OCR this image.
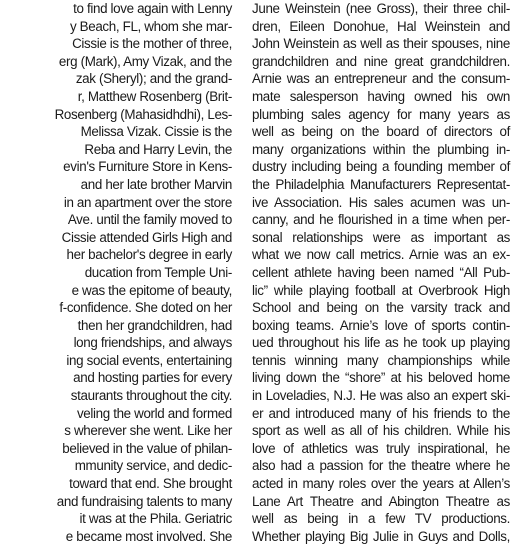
to find love again with Lenny
y Beach, FL, whom she mar-
Cissie is the mother of three,
erg (Mark), Amy Vizak, and the
zak (Sheryl); and the grand-
r, Matthew Rosenberg (Brit-
Rosenberg (Mahasidhdhi), Les-
Melissa Vizak. Cissie is the
Reba and Harry Levin, the
evin's Furniture Store in Kens-
and her late brother Marvin
in an apartment over the store
Ave. until the family moved to
Cissie attended Girls High and
her bachelor's degree in early
ducation from Temple Uni-
e was the epitome of beauty,
f-confidence. She doted on her
then her grandchildren, had
long friendships, and always
ing social events, entertaining
and hosting parties for every
staurants throughout the city.
veling the world and formed
s wherever she went. Like her
believed in the value of philan-
mmunity service, and dedic-
toward that end. She brought
and fundraising talents to many
it was at the Phila. Geriatric
e became most involved. She
June Weinstein (nee Gross), their three chil-
dren, Eileen Donohue, Hal Weinstein and
John Weinstein as well as their spouses, nine
grandchildren and nine great grandchildren.
Arnie was an entrepreneur and the consum-
mate salesperson having owned his own
plumbing sales agency for many years as
well as being on the board of directors of
many organizations within the plumbing in-
dustry including being a founding member of
the Philadelphia Manufacturers Representat-
ive Association. His sales acumen was un-
canny, and he flourished in a time when per-
sonal relationships were as important as
what we now call metrics. Arnie was an ex-
cellent athlete having been named “All Pub-
lic” while playing football at Overbrook High
School and being on the varsity track and
boxing teams. Arnie’s love of sports contin-
ued throughout his life as he took up playing
tennis winning many championships while
living down the “shore” at his beloved home
in Loveladies, N.J. He was also an expert ski-
er and introduced many of his friends to the
sport as well as all of his children. While his
love of athletics was truly inspirational, he
also had a passion for the theatre where he
acted in many roles over the years at Allen’s
Lane Art Theatre and Abington Theatre as
well as being in a few TV productions.
Whether playing Big Julie in Guys and Dolls,
